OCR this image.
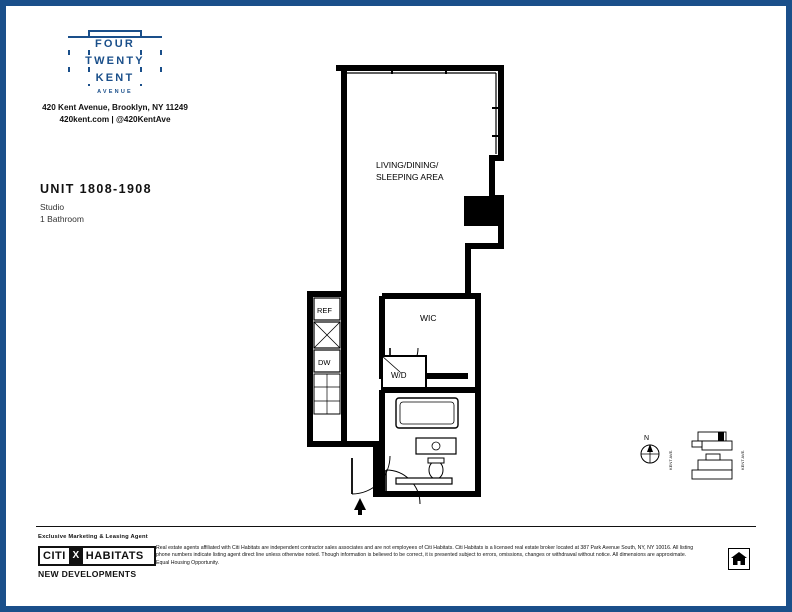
FOUR
TWENTY
KENT
AVENUE
420 Kent Avenue, Brooklyn, NY 11249
420kent.com | @420KentAve
UNIT 1808-1908
Studio
1 Bathroom
LIVING/DINING/
SLEEPING AREA
WIC
W/D
REF
DW
N
KENT AVE.	KENT AVE.
Exclusive Marketing & Leasing Agent
CITI X HABITATS
NEW DEVELOPMENTS
Real estate agents affiliated with Citi Habitats are independent contractor sales associates and are not employees of Citi Habitats. Citi Habitats is a licensed real estate broker located at 387 Park Avenue South, NY, NY 10016. All listing phone numbers indicate listing agent direct line unless otherwise noted. Though information is believed to be correct, it is presented subject to errors, omissions, changes or withdrawal without notice. All dimensions are approximate. Equal Housing Opportunity.
